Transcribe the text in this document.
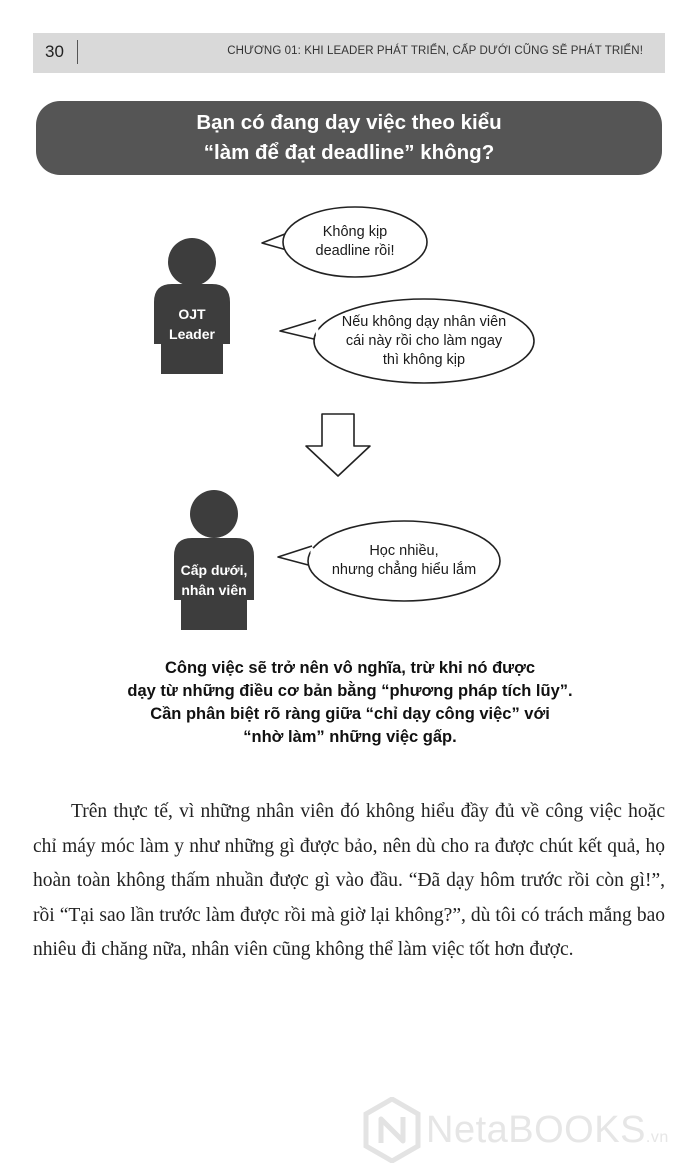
30	CHƯƠNG 01: KHI LEADER PHÁT TRIỂN, CẤP DƯỚI CŨNG SẼ PHÁT TRIỂN!
Bạn có đang dạy việc theo kiểu
“làm để đạt deadline” không?
OJT
Leader
Không kịp
deadline rồi!
Nếu không dạy nhân viên
cái này rồi cho làm ngay
thì không kịp
Cấp dưới,
nhân viên
Học nhiều,
nhưng chẳng hiểu lắm
Công việc sẽ trở nên vô nghĩa, trừ khi nó được
dạy từ những điều cơ bản bằng “phương pháp tích lũy”.
Cần phân biệt rõ ràng giữa “chỉ dạy công việc” với
“nhờ làm” những việc gấp.
Trên thực tế, vì những nhân viên đó không hiểu đầy đủ về công việc hoặc chỉ máy móc làm y như những gì được bảo, nên dù cho ra được chút kết quả, họ hoàn toàn không thấm nhuần được gì vào đầu. “Đã dạy hôm trước rồi còn gì!”, rồi “Tại sao lần trước làm được rồi mà giờ lại không?”, dù tôi có trách mắng bao nhiêu đi chăng nữa, nhân viên cũng không thể làm việc tốt hơn được.
NetaBOOKS.vn
